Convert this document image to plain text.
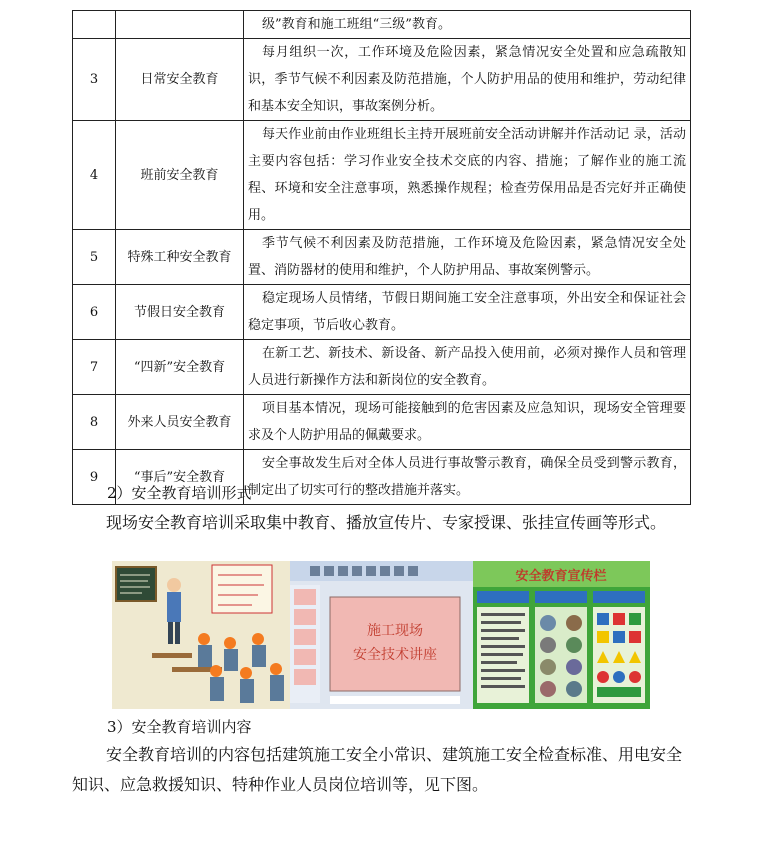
		级”教育和施工班组“三级”教育。

3	日常安全教育	每月组织一次，工作环境及危险因素，紧急情况安全处置和应急疏散知识，季节气候不利因素及防范措施，个人防护用品的使用和维护，劳动纪律和基本安全知识，事故案例分析。

4	班前安全教育	每天作业前由作业班组长主持开展班前安全活动讲解并作活动记 录，活动主要内容包括：学习作业安全技术交底的内容、措施；了解作业的施工流程、环境和安全注意事项，熟悉操作规程；检查劳保用品是否完好并正确使用。

5	特殊工种安全教育	季节气候不利因素及防范措施，工作环境及危险因素，紧急情况安全处置、消防器材的使用和维护，个人防护用品、事故案例警示。

6	节假日安全教育	稳定现场人员情绪，节假日期间施工安全注意事项，外出安全和保证社会稳定事项，节后收心教育。

7	“四新”安全教育	在新工艺、新技术、新设备、新产品投入使用前，必须对操作人员和管理人员进行新操作方法和新岗位的安全教育。

8	外来人员安全教育	项目基本情况，现场可能接触到的危害因素及应急知识，现场安全管理要求及个人防护用品的佩戴要求。

9	“事后”安全教育	安全事故发生后对全体人员进行事故警示教育，确保全员受到警示教育，制定出了切实可行的整改措施并落实。
2）安全教育培训形式
现场安全教育培训采取集中教育、播放宣传片、专家授课、张挂宣传画等形式。
施工现场
安全技术讲座
安全教育宣传栏
3）安全教育培训内容
安全教育培训的内容包括建筑施工安全小常识、建筑施工安全检查标准、用电安全知识、应急救援知识、特种作业人员岗位培训等，见下图。
